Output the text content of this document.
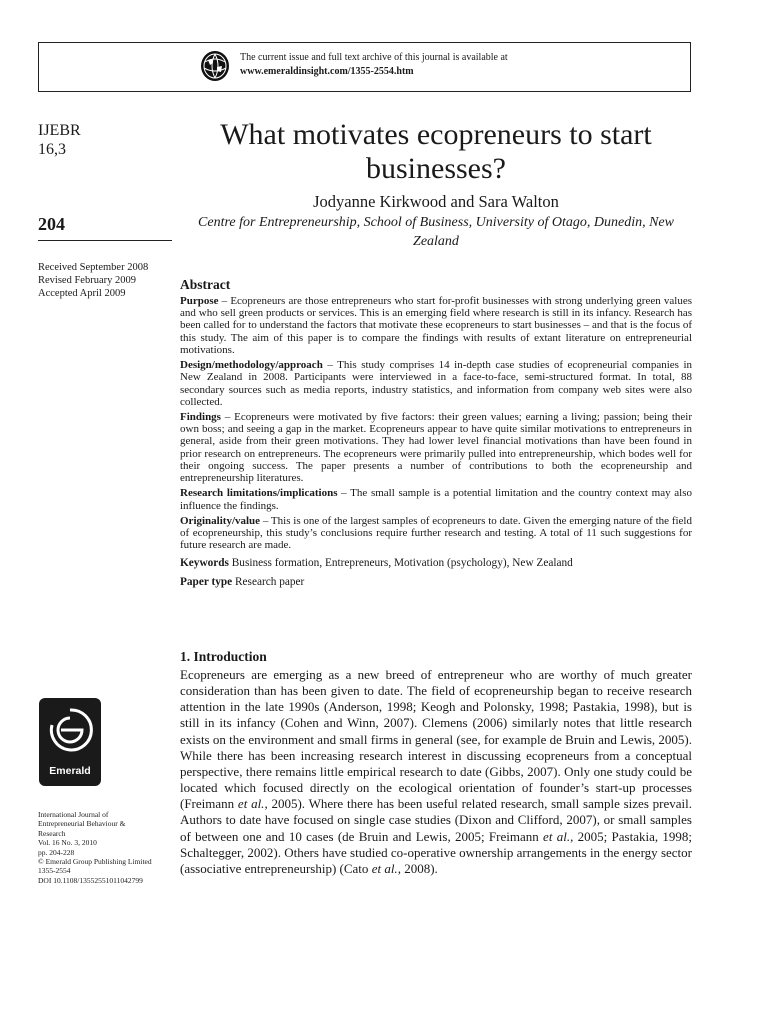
The current issue and full text archive of this journal is available at
www.emeraldinsight.com/1355-2554.htm
IJEBR
16,3
204
Received September 2008
Revised February 2009
Accepted April 2009
Emerald
International Journal of
Entrepreneurial Behaviour &
Research
Vol. 16 No. 3, 2010
pp. 204-228
© Emerald Group Publishing Limited
1355-2554
DOI 10.1108/13552551011042799
What motivates ecopreneurs to start businesses?
Jodyanne Kirkwood and Sara Walton
Centre for Entrepreneurship, School of Business, University of Otago, Dunedin, New Zealand
Abstract

Purpose – Ecopreneurs are those entrepreneurs who start for-profit businesses with strong underlying green values and who sell green products or services. This is an emerging field where research is still in its infancy. Research has been called for to understand the factors that motivate these ecopreneurs to start businesses – and that is the focus of this study. The aim of this paper is to compare the findings with results of extant literature on entrepreneurial motivations.

Design/methodology/approach – This study comprises 14 in-depth case studies of ecopreneurial companies in New Zealand in 2008. Participants were interviewed in a face-to-face, semi-structured format. In total, 88 secondary sources such as media reports, industry statistics, and information from company web sites were also collected.

Findings – Ecopreneurs were motivated by five factors: their green values; earning a living; passion; being their own boss; and seeing a gap in the market. Ecopreneurs appear to have quite similar motivations to entrepreneurs in general, aside from their green motivations. They had lower level financial motivations than have been found in prior research on entrepreneurs. The ecopreneurs were primarily pulled into entrepreneurship, which bodes well for their ongoing success. The paper presents a number of contributions to both the ecopreneurship and entrepreneurship literatures.

Research limitations/implications – The small sample is a potential limitation and the country context may also influence the findings.

Originality/value – This is one of the largest samples of ecopreneurs to date. Given the emerging nature of the field of ecopreneurship, this study’s conclusions require further research and testing. A total of 11 such suggestions for future research are made.

Keywords Business formation, Entrepreneurs, Motivation (psychology), New Zealand

Paper type Research paper

1. Introduction

Ecopreneurs are emerging as a new breed of entrepreneur who are worthy of much greater consideration than has been given to date. The field of ecopreneurship began to receive research attention in the late 1990s (Anderson, 1998; Keogh and Polonsky, 1998; Pastakia, 1998), but is still in its infancy (Cohen and Winn, 2007). Clemens (2006) similarly notes that little research exists on the environment and small firms in general (see, for example de Bruin and Lewis, 2005). While there has been increasing research interest in discussing ecopreneurs from a conceptual perspective, there remains little empirical research to date (Gibbs, 2007). Only one study could be located which focused directly on the ecological orientation of founder’s start-up processes (Freimann et al., 2005). Where there has been useful related research, small sample sizes prevail. Authors to date have focused on single case studies (Dixon and Clifford, 2007), or small samples of between one and 10 cases (de Bruin and Lewis, 2005; Freimann et al., 2005; Pastakia, 1998; Schaltegger, 2002). Others have studied co-operative ownership arrangements in the energy sector (associative entrepreneurship) (Cato et al., 2008).
